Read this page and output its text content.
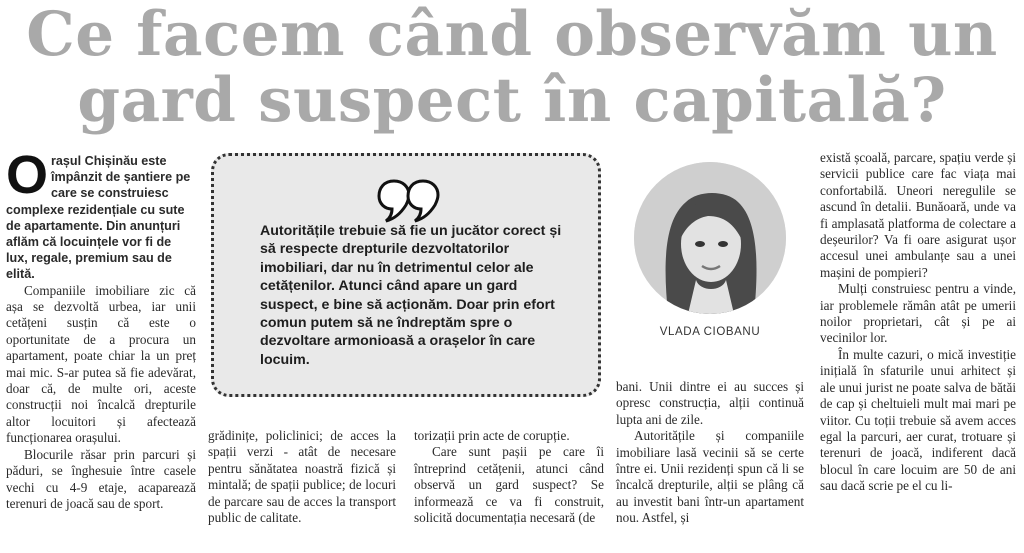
Ce facem când observăm un
gard suspect în capitală?

Orașul Chișinău este împânzit de șantiere pe care se construiesc complexe rezidențiale cu sute de apartamente. Din anunțuri aflăm că locuințele vor fi de lux, regale, premium sau de elită.

Companiile imobiliare zic că așa se dezvoltă urbea, iar unii cetățeni susțin că este o oportunitate de a procura un apartament, poate chiar la un preț mai mic. S-ar putea să fie adevărat, doar că, de multe ori, aceste construcții noi încalcă drepturile altor locuitori și afectează funcționarea orașului.

Blocurile răsar prin parcuri și păduri, se înghesuie între casele vechi cu 4-9 etaje, acaparează terenuri de joacă sau de sport.

Autoritățile trebuie să fie un jucător corect și să respecte drepturile dezvoltatorilor imobiliari, dar nu în detrimentul celor ale cetățenilor. Atunci când apare un gard suspect, e bine să acționăm. Doar prin efort comun putem să ne îndreptăm spre o dezvoltare armonioasă a orașelor în care locuim.

grădinițe, policlinici; de acces la spații verzi - atât de necesare pentru sănătatea noastră fizică și mintală; de spații publice; de locuri de parcare sau de acces la transport public de calitate.

torizații prin acte de corupție.

Care sunt pașii pe care îi întreprind cetățenii, atunci când observă un gard suspect? Se informează ce va fi construit, solicită documentația necesară (de

VLADA CIOBANU

bani. Unii dintre ei au succes și opresc construcția, alții continuă lupta ani de zile.

Autoritățile și companiile imobiliare lasă vecinii să se certe între ei. Unii rezidenți spun că li se încalcă drepturile, alții se plâng că au investit bani într-un apartament nou. Astfel, și

există școală, parcare, spațiu verde și servicii publice care fac viața mai confortabilă. Uneori neregulile se ascund în detalii. Bunăoară, unde va fi amplasată platforma de colectare a deșeurilor? Va fi oare asigurat ușor accesul unei ambulanțe sau a unei mașini de pompieri?

Mulți construiesc pentru a vinde, iar problemele rămân atât pe umerii noilor proprietari, cât și pe ai vecinilor lor.

În multe cazuri, o mică investiție inițială în sfaturile unui arhitect și ale unui jurist ne poate salva de bătăi de cap și cheltuieli mult mai mari pe viitor. Cu toții trebuie să avem acces egal la parcuri, aer curat, trotuare și terenuri de joacă, indiferent dacă blocul în care locuim are 50 de ani sau dacă scrie pe el cu li-
